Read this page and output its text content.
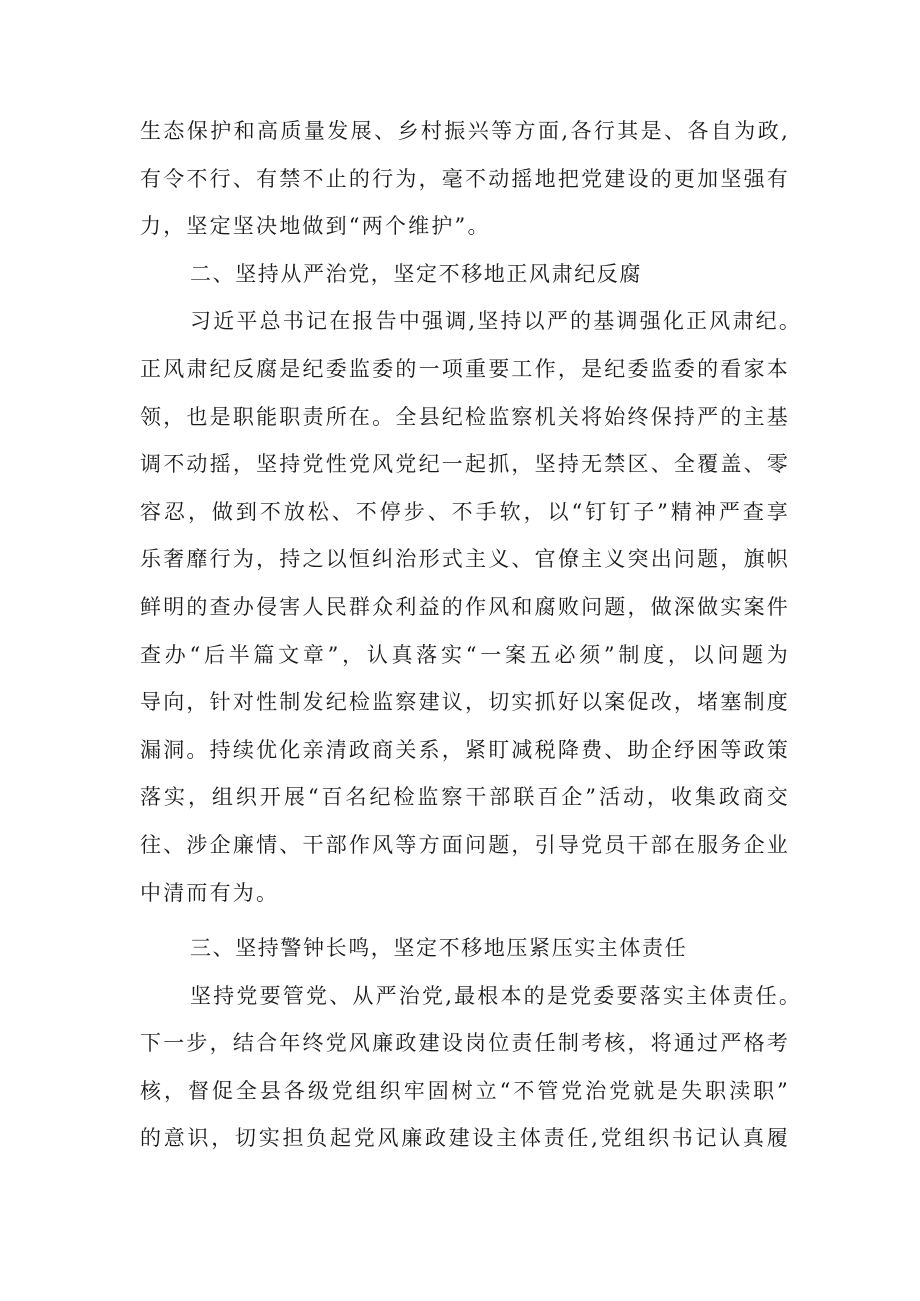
生态保护和高质量发展、乡村振兴等方面,各行其是、各自为政,
有令不行、有禁不止的行为，毫不动摇地把党建设的更加坚强有
力，坚定坚决地做到“两个维护”。
二、坚持从严治党，坚定不移地正风肃纪反腐
习近平总书记在报告中强调,坚持以严的基调强化正风肃纪。
正风肃纪反腐是纪委监委的一项重要工作，是纪委监委的看家本
领，也是职能职责所在。全县纪检监察机关将始终保持严的主基
调不动摇，坚持党性党风党纪一起抓，坚持无禁区、全覆盖、零
容忍，做到不放松、不停步、不手软，以“钉钉子”精神严查享
乐奢靡行为，持之以恒纠治形式主义、官僚主义突出问题，旗帜
鲜明的查办侵害人民群众利益的作风和腐败问题，做深做实案件
查办“后半篇文章”，认真落实“一案五必须”制度，以问题为
导向，针对性制发纪检监察建议，切实抓好以案促改，堵塞制度
漏洞。持续优化亲清政商关系，紧盯减税降费、助企纾困等政策
落实，组织开展“百名纪检监察干部联百企”活动，收集政商交
往、涉企廉情、干部作风等方面问题，引导党员干部在服务企业
中清而有为。
三、坚持警钟长鸣，坚定不移地压紧压实主体责任
坚持党要管党、从严治党,最根本的是党委要落实主体责任。
下一步，结合年终党风廉政建设岗位责任制考核，将通过严格考
核，督促全县各级党组织牢固树立“不管党治党就是失职渎职”
的意识，切实担负起党风廉政建设主体责任,党组织书记认真履
